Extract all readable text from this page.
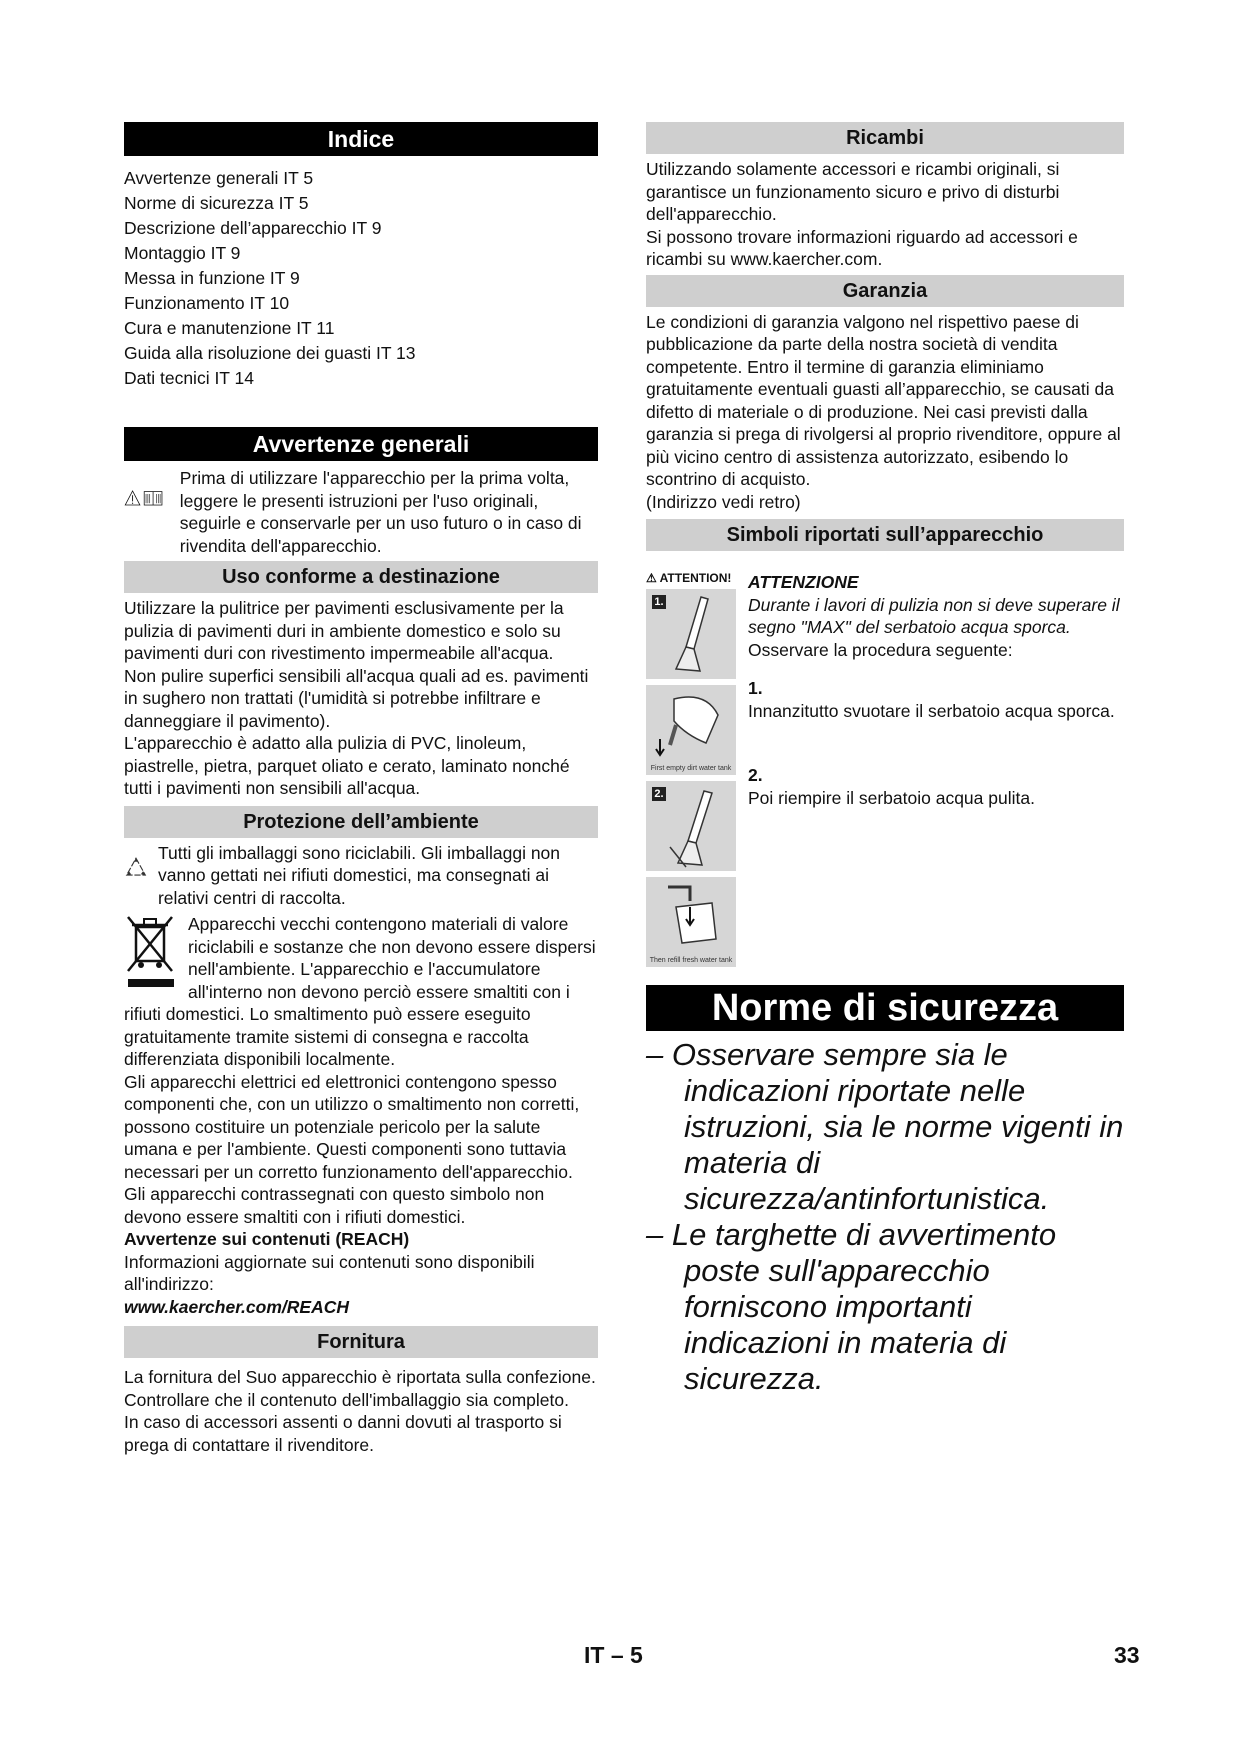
Indice
Avvertenze generali IT 5
Norme di sicurezza IT 5
Descrizione dell’apparecchio IT 9
Montaggio IT 9
Messa in funzione IT 9
Funzionamento IT 10
Cura e manutenzione IT 11
Guida alla risoluzione dei guasti IT 13
Dati tecnici IT 14
Avvertenze generali

Prima di utilizzare l'apparecchio per la prima volta, leggere le presenti istruzioni per l'uso originali, seguirle e conservarle per un uso futuro o in caso di rivendita dell'apparecchio.

Uso conforme a destinazione

Utilizzare la pulitrice per pavimenti esclusivamente per la pulizia di pavimenti duri in ambiente domestico e solo su pavimenti duri con rivestimento impermeabile all'acqua.

Non pulire superfici sensibili all'acqua quali ad es. pavimenti in sughero non trattati (l'umidità si potrebbe infiltrare e danneggiare il pavimento).

L'apparecchio è adatto alla pulizia di PVC, linoleum, piastrelle, pietra, parquet oliato e cerato, laminato nonché tutti i pavimenti non sensibili all'acqua.

Protezione dell’ambiente

Tutti gli imballaggi sono riciclabili. Gli imballaggi non vanno gettati nei rifiuti domestici, ma consegnati ai relativi centri di raccolta.

Apparecchi vecchi contengono materiali di valore riciclabili e sostanze che non devono essere dispersi nell'ambiente. L'apparecchio e l'accumulatore all'interno non devono perciò essere smaltiti con i rifiuti domestici. Lo smaltimento può essere eseguito gratuitamente tramite sistemi di consegna e raccolta differenziata disponibili localmente.

Gli apparecchi elettrici ed elettronici contengono spesso componenti che, con un utilizzo o smaltimento non corretti, possono costituire un potenziale pericolo per la salute umana e per l'ambiente. Questi componenti sono tuttavia necessari per un corretto funzionamento dell'apparecchio. Gli apparecchi contrassegnati con questo simbolo non devono essere smaltiti con i rifiuti domestici.

Avvertenze sui contenuti (REACH)

Informazioni aggiornate sui contenuti sono disponibili all'indirizzo:

www.kaercher.com/REACH

Fornitura

La fornitura del Suo apparecchio è riportata sulla confezione. Controllare che il contenuto dell'imballaggio sia completo.

In caso di accessori assenti o danni dovuti al trasporto si prega di contattare il rivenditore.

Ricambi

Utilizzando solamente accessori e ricambi originali, si garantisce un funzionamento sicuro e privo di disturbi dell'apparecchio.

Si possono trovare informazioni riguardo ad accessori e ricambi su www.kaercher.com.

Garanzia

Le condizioni di garanzia valgono nel rispettivo paese di pubblicazione da parte della nostra società di vendita competente. Entro il termine di garanzia eliminiamo gratuitamente eventuali guasti all’apparecchio, se causati da difetto di materiale o di produzione. Nei casi previsti dalla garanzia si prega di rivolgersi al proprio rivenditore, oppure al più vicino centro di assistenza autorizzato, esibendo lo scontrino di acquisto.

(Indirizzo vedi retro)

Simboli riportati sull’apparecchio
⚠ ATTENTION!
1.
First empty dirt water tank
2.
Then refill fresh water tank

ATTENZIONE

Durante i lavori di pulizia non si deve superare il segno "MAX" del serbatoio acqua sporca.

Osservare la procedura seguente:

1.

Innanzitutto svuotare il serbatoio acqua sporca.

2.

Poi riempire il serbatoio acqua pulita.

Norme di sicurezza
– Osservare sempre sia le indicazioni riportate nelle istruzioni, sia le norme vigenti in materia di sicurezza/antinfortunistica.
– Le targhette di avvertimento poste sull'apparecchio forniscono importanti indicazioni in materia di sicurezza.
IT – 5	33
